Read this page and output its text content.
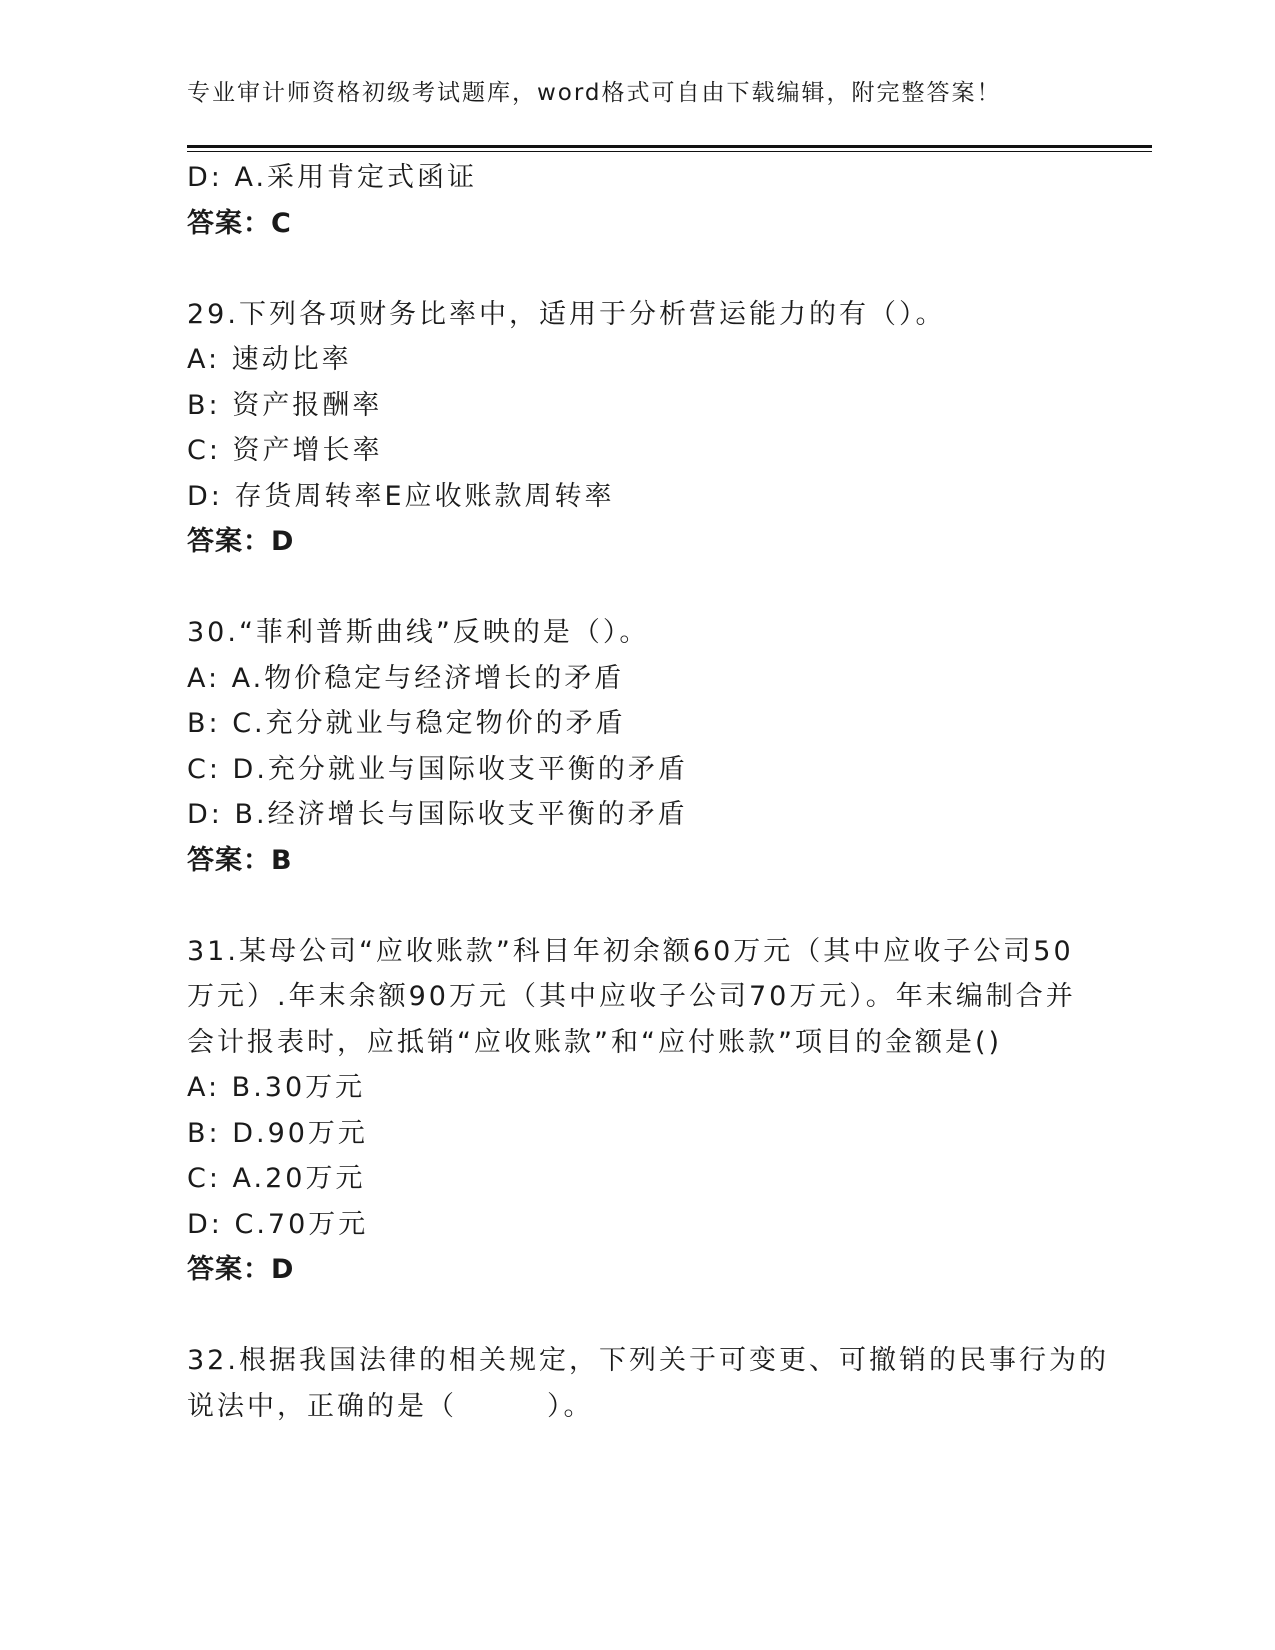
专业审计师资格初级考试题库，word格式可自由下载编辑，附完整答案！
D: A.采用肯定式函证
答案：C
29.下列各项财务比率中，适用于分析营运能力的有（）。
A: 速动比率
B: 资产报酬率
C: 资产增长率
D: 存货周转率E应收账款周转率
答案：D
30.“菲利普斯曲线”反映的是（）。
A: A.物价稳定与经济增长的矛盾
B: C.充分就业与稳定物价的矛盾
C: D.充分就业与国际收支平衡的矛盾
D: B.经济增长与国际收支平衡的矛盾
答案：B
31.某母公司“应收账款”科目年初余额60万元（其中应收子公司50
万元）.年末余额90万元（其中应收子公司70万元）。年末编制合并
会计报表时，应抵销“应收账款”和“应付账款”项目的金额是()
A: B.30万元
B: D.90万元
C: A.20万元
D: C.70万元
答案：D
32.根据我国法律的相关规定，下列关于可变更、可撤销的民事行为的
说法中，正确的是（　　　）。
